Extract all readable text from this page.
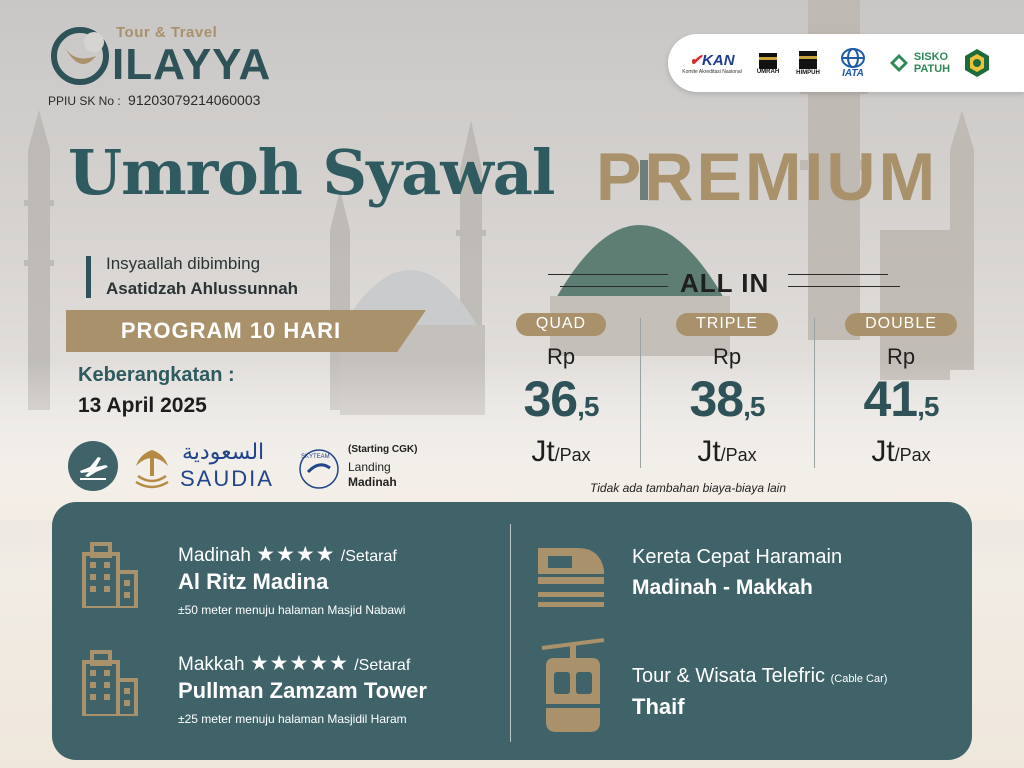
Tour & Travel
ILAYYA
PPIU SK No : 91203079214060003
✔KAN
Komite Akreditasi Nasional	UMRAH	HIMPUH IATA
SISKO
PATUH
Umroh Syawal PREMIUM
Insyaallah dibimbing
Asatidzah Ahlussunnah
PROGRAM 10 HARI
Keberangkatan :
13 April 2025
السعودية
SAUDIA
SKYTEAM
(Starting CGK)
Landing
Madinah
ALL IN
QUAD
Rp
36,5
Jt/Pax
TRIPLE
Rp
38,5
Jt/Pax
DOUBLE
Rp
41,5
Jt/Pax
Tidak ada tambahan biaya-biaya lain
Madinah ★★★★ /Setaraf
Al Ritz Madina
±50 meter menuju halaman Masjid Nabawi
Makkah ★★★★★ /Setaraf
Pullman Zamzam Tower
±25 meter menuju halaman Masjidil Haram
Kereta Cepat Haramain
Madinah - Makkah
Tour & Wisata Telefric (Cable Car)
Thaif
